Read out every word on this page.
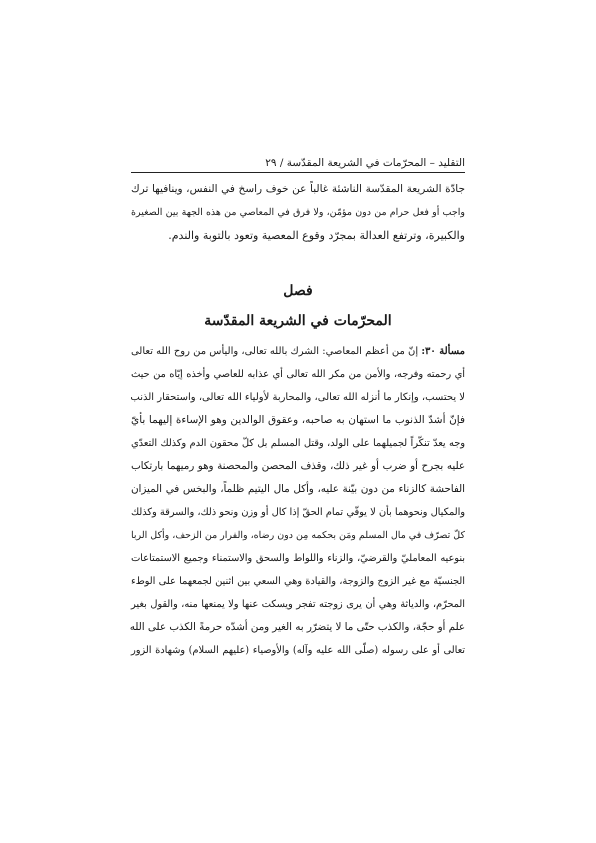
التقليد – المحرّمات في الشريعة المقدّسة / ٢٩
جادّة الشريعة المقدّسة الناشئة غالباً عن خوف راسخ في النفس، وينافيها ترك
واجب أو فعل حرام من دون مؤمّن، ولا فرق في المعاصي من هذه الجهة بين الصغيرة
والكبيرة، وترتفع العدالة بمجرّد وقوع المعصية وتعود بالتوبة والندم.
فصل
المحرّمات في الشريعة المقدّسة
مسألة ٣٠: إنّ من أعظم المعاصي: الشرك بالله تعالى، واليأس من روح الله تعالى
أي رحمته وفرجه، والأمن من مكر الله تعالى أي عذابه للعاصي وأخذه إيّاه من حيث
لا يحتسب، وإنكار ما أنزله الله تعالى، والمحاربة لأولياء الله تعالى، واستحقار الذنب
فإنّ أشدّ الذنوب ما استهان به صاحبه، وعقوق الوالدين وهو الإساءة إليهما بأيّ
وجه يعدّ تنكّراً لجميلهما على الولد، وقتل المسلم بل كلّ محقون الدم وكذلك التعدّي
عليه بجرح أو ضرب أو غير ذلك، وقذف المحصن والمحصنة وهو رميهما بارتكاب
الفاحشة كالزناء من دون بيّنة عليه، وأكل مال اليتيم ظلماً، والبخس في الميزان
والمكيال ونحوهما بأن لا يوفّي تمام الحقّ إذا كال أو وزن ونحو ذلك، والسرقة وكذلك
كلّ تصرّف في مال المسلم ومَن بحكمه مِن دون رضاه، والفرار من الزحف، وأكل الربا
بنوعيه المعامليّ والقرضيّ، والزناء واللواط والسحق والاستمناء وجميع الاستمتاعات
الجنسيّة مع غير الزوج والزوجة، والقيادة وهي السعي بين اثنين لجمعهما على الوطء
المحرّم، والدياثة وهي أن يرى زوجته تفجر ويسكت عنها ولا يمنعها منه، والقول بغير
علم أو حجّة، والكذب حتّى ما لا يتضرّر به الغير ومن أشدّه حرمةً الكذب على الله
تعالى أو على رسوله (صلّى الله عليه وآله) والأوصياء (عليهم السلام) وشهادة الزور
